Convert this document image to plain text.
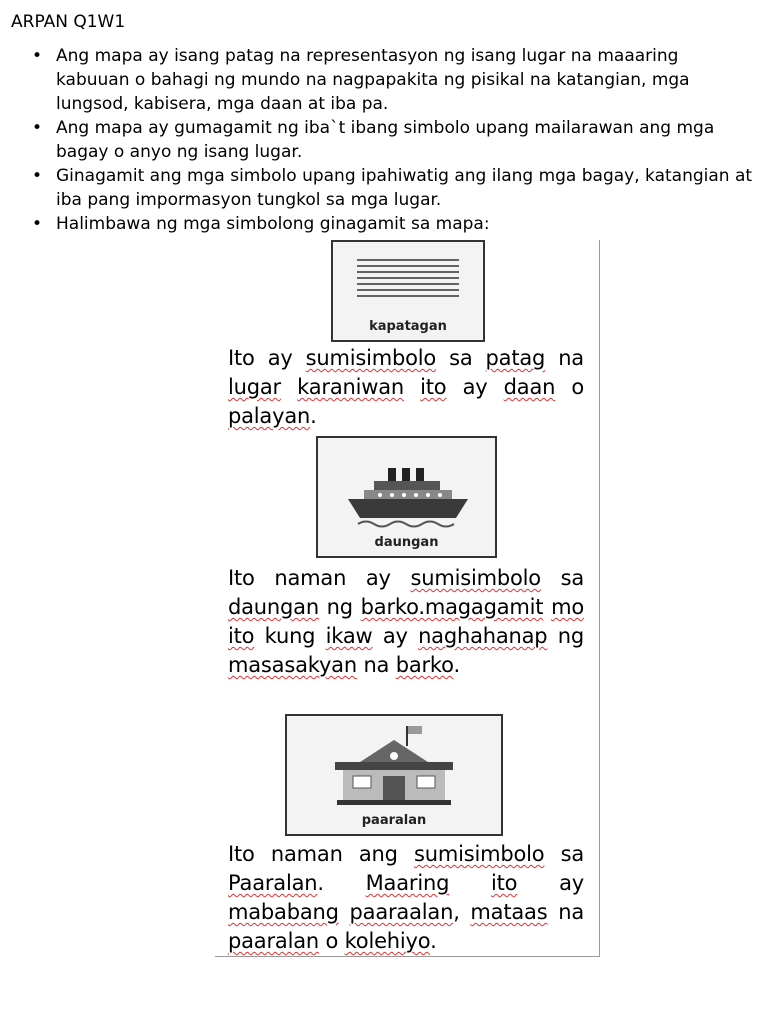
ARPAN Q1W1
• Ang mapa ay isang patag na representasyon ng isang lugar na maaaring kabuuan o bahagi ng mundo na nagpapakita ng pisikal na katangian, mga lungsod, kabisera, mga daan at iba pa.
• Ang mapa ay gumagamit ng iba`t ibang simbolo upang mailarawan ang mga bagay o anyo ng isang lugar.
• Ginagamit ang mga simbolo upang ipahiwatig ang ilang mga bagay, katangian at iba pang impormasyon tungkol sa mga lugar.
• Halimbawa ng mga simbolong ginagamit sa mapa:
kapatagan
Ito ay sumisimbolo sa patag na lugar karaniwan ito ay daan o palayan.
daungan
Ito naman ay sumisimbolo sa daungan ng barko.magagamit mo ito kung ikaw ay naghahanap ng masasakyan na barko.
paaralan
Ito naman ang sumisimbolo sa Paaralan. Maaring ito ay mababang paaraalan, mataas na paaralan o kolehiyo.
